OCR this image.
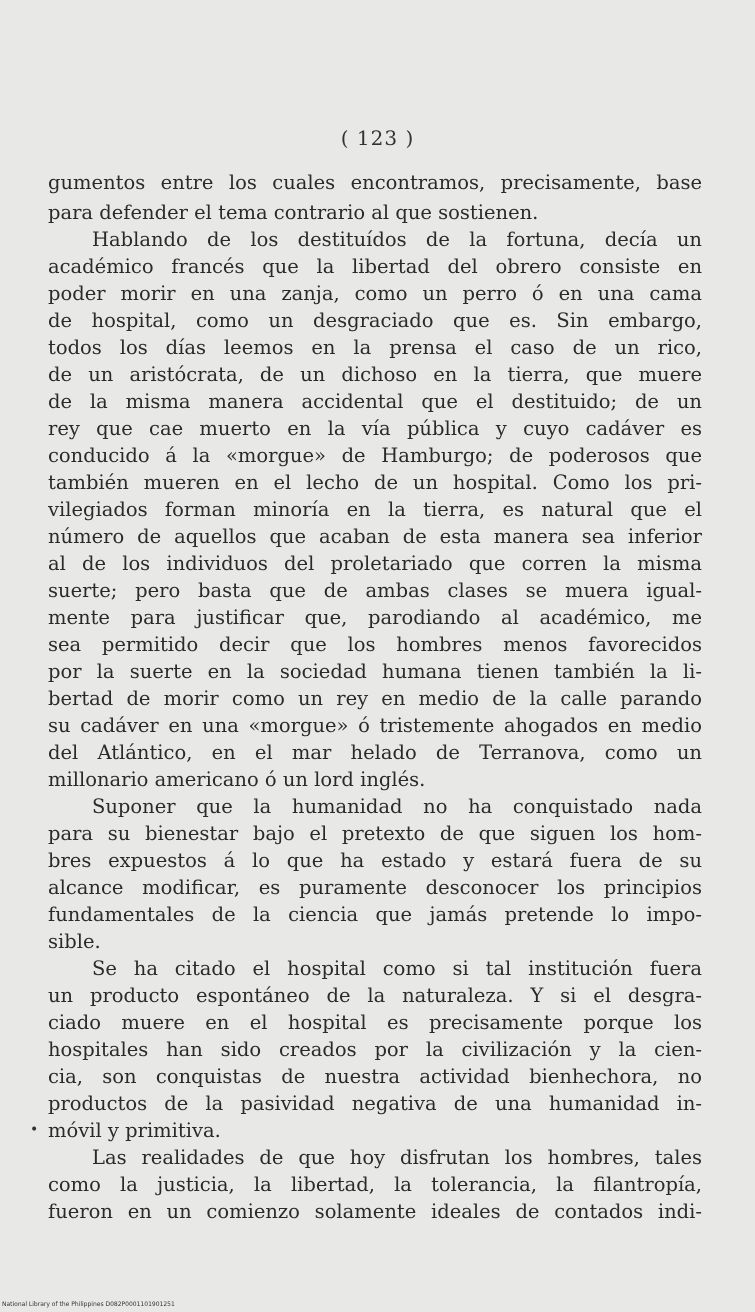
( 123 )
gumentos entre los cuales encontramos, precisamente, base
para defender el tema contrario al que sostienen.
Hablando de los destituídos de la fortuna, decía un
académico francés que la libertad del obrero consiste en
poder morir en una zanja, como un perro ó en una cama
de hospital, como un desgraciado que es. Sin embargo,
todos los días leemos en la prensa el caso de un rico,
de un aristócrata, de un dichoso en la tierra, que muere
de la misma manera accidental que el destituido; de un
rey que cae muerto en la vía pública y cuyo cadáver es
conducido á la «morgue» de Hamburgo; de poderosos que
también mueren en el lecho de un hospital. Como los pri-
vilegiados forman minoría en la tierra, es natural que el
número de aquellos que acaban de esta manera sea inferior
al de los individuos del proletariado que corren la misma
suerte; pero basta que de ambas clases se muera igual-
mente para justificar que, parodiando al académico, me
sea permitido decir que los hombres menos favorecidos
por la suerte en la sociedad humana tienen también la li-
bertad de morir como un rey en medio de la calle parando
su cadáver en una «morgue» ó tristemente ahogados en medio
del Atlántico, en el mar helado de Terranova, como un
millonario americano ó un lord inglés.
Suponer que la humanidad no ha conquistado nada
para su bienestar bajo el pretexto de que siguen los hom-
bres expuestos á lo que ha estado y estará fuera de su
alcance modificar, es puramente desconocer los principios
fundamentales de la ciencia que jamás pretende lo impo-
sible.
Se ha citado el hospital como si tal institución fuera
un producto espontáneo de la naturaleza. Y si el desgra-
ciado muere en el hospital es precisamente porque los
hospitales han sido creados por la civilización y la cien-
cia, son conquistas de nuestra actividad bienhechora, no
productos de la pasividad negativa de una humanidad in-
móvil y primitiva.
Las realidades de que hoy disfrutan los hombres, tales
como la justicia, la libertad, la tolerancia, la filantropía,
fueron en un comienzo solamente ideales de contados indi-
•
National Library of the Philippines D082P0001101901251
